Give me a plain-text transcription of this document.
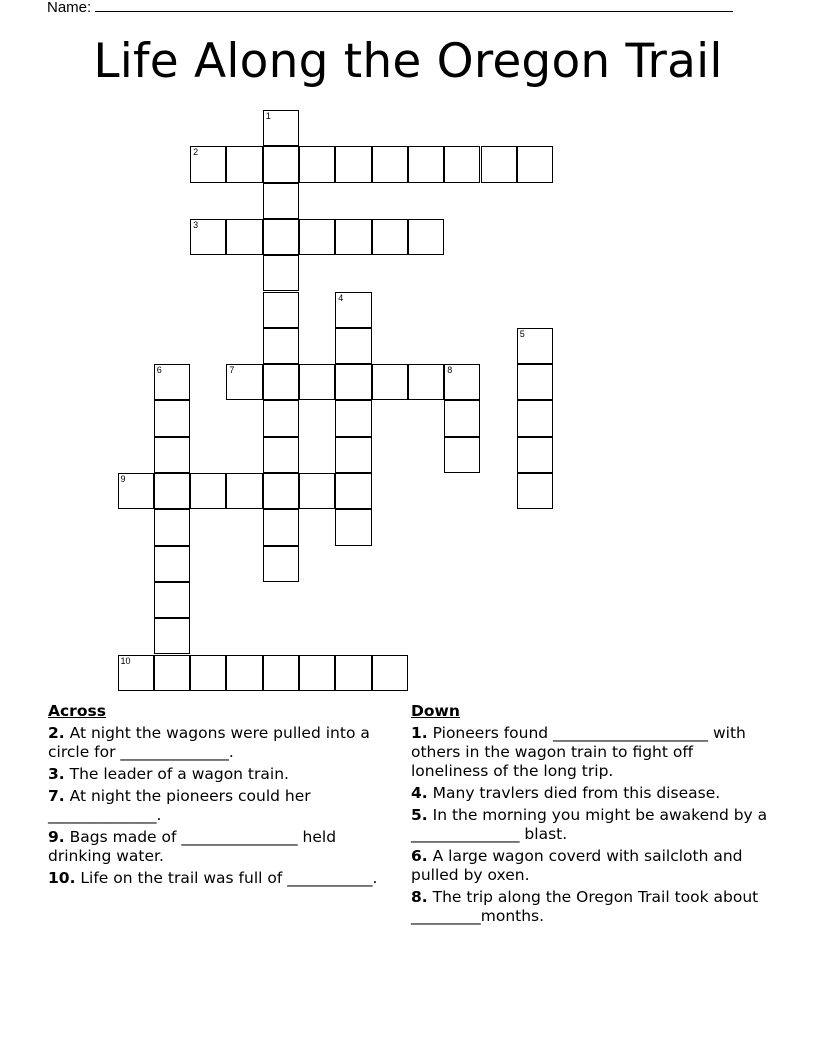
Name:
Life Along the Oregon Trail
1
2
3
4
5
6	7	8
9
10
Across
2. At night the wagons were pulled into a circle for ______________.
3. The leader of a wagon train.
7. At night the pioneers could her ______________.
9. Bags made of _______________ held drinking water.
10. Life on the trail was full of ___________.
Down
1. Pioneers found ____________________ with others in the wagon train to fight off loneliness of the long trip.
4. Many travlers died from this disease.
5. In the morning you might be awakend by a ______________ blast.
6. A large wagon coverd with sailcloth and pulled by oxen.
8. The trip along the Oregon Trail took about _________months.
